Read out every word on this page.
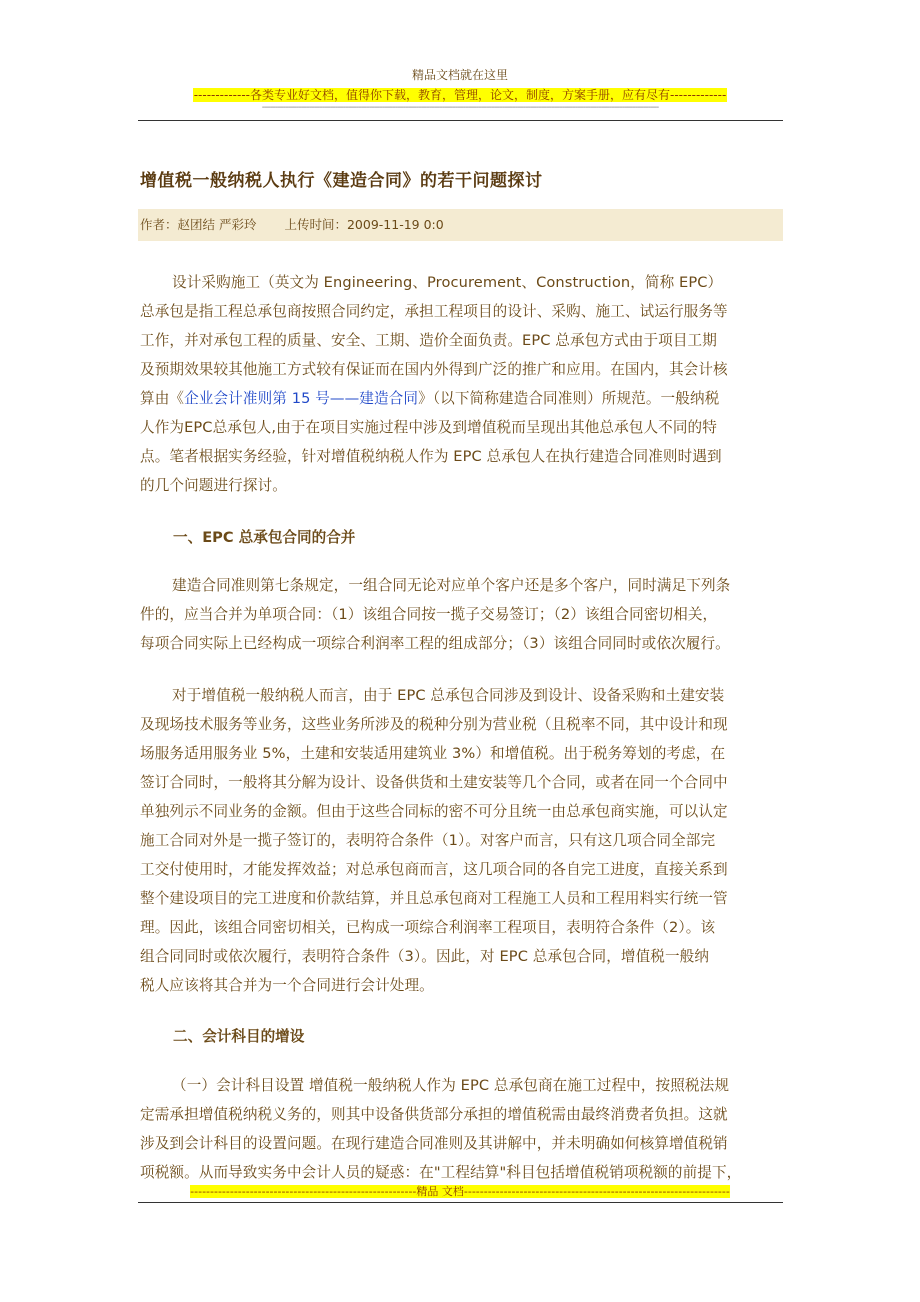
精品文档就在这里
-------------各类专业好文档，值得你下载，教育，管理，论文，制度，方案手册，应有尽有-------------
--------------------------------------------------------------------------------------------------------------------------------------------------------
增值税一般纳税人执行《建造合同》的若干问题探讨
作者：赵团结 严彩玲 上传时间：2009-11-19 0:0
设计采购施工（英文为 Engineering、Procurement、Construction，简称 EPC）
总承包是指工程总承包商按照合同约定，承担工程项目的设计、采购、施工、试运行服务等
工作，并对承包工程的质量、安全、工期、造价全面负责。EPC 总承包方式由于项目工期
及预期效果较其他施工方式较有保证而在国内外得到广泛的推广和应用。在国内，其会计核
算由《企业会计准则第 15 号——建造合同》（以下简称建造合同准则）所规范。一般纳税
人作为EPC总承包人,由于在项目实施过程中涉及到增值税而呈现出其他总承包人不同的特
点。笔者根据实务经验，针对增值税纳税人作为 EPC 总承包人在执行建造合同准则时遇到
的几个问题进行探讨。
一、EPC 总承包合同的合并
建造合同准则第七条规定，一组合同无论对应单个客户还是多个客户，同时满足下列条
件的，应当合并为单项合同：（1）该组合同按一揽子交易签订；（2）该组合同密切相关，
每项合同实际上已经构成一项综合利润率工程的组成部分；（3）该组合同同时或依次履行。
对于增值税一般纳税人而言，由于 EPC 总承包合同涉及到设计、设备采购和土建安装
及现场技术服务等业务，这些业务所涉及的税种分别为营业税（且税率不同，其中设计和现
场服务适用服务业 5%，土建和安装适用建筑业 3%）和增值税。出于税务筹划的考虑，在
签订合同时，一般将其分解为设计、设备供货和土建安装等几个合同，或者在同一个合同中
单独列示不同业务的金额。但由于这些合同标的密不可分且统一由总承包商实施，可以认定
施工合同对外是一揽子签订的，表明符合条件（1）。对客户而言，只有这几项合同全部完
工交付使用时，才能发挥效益；对总承包商而言，这几项合同的各自完工进度，直接关系到
整个建设项目的完工进度和价款结算，并且总承包商对工程施工人员和工程用料实行统一管
理。因此，该组合同密切相关，已构成一项综合利润率工程项目，表明符合条件（2）。该
组合同同时或依次履行，表明符合条件（3）。因此，对 EPC 总承包合同，增值税一般纳
税人应该将其合并为一个合同进行会计处理。
二、会计科目的增设
（一）会计科目设置 增值税一般纳税人作为 EPC 总承包商在施工过程中，按照税法规
定需承担增值税纳税义务的，则其中设备供货部分承担的增值税需由最终消费者负担。这就
涉及到会计科目的设置问题。在现行建造合同准则及其讲解中，并未明确如何核算增值税销
项税额。从而导致实务中会计人员的疑惑：在"工程结算"科目包括增值税销项税额的前提下，
---------------------------------------------------------精品 文档-------------------------------------------------------------------
